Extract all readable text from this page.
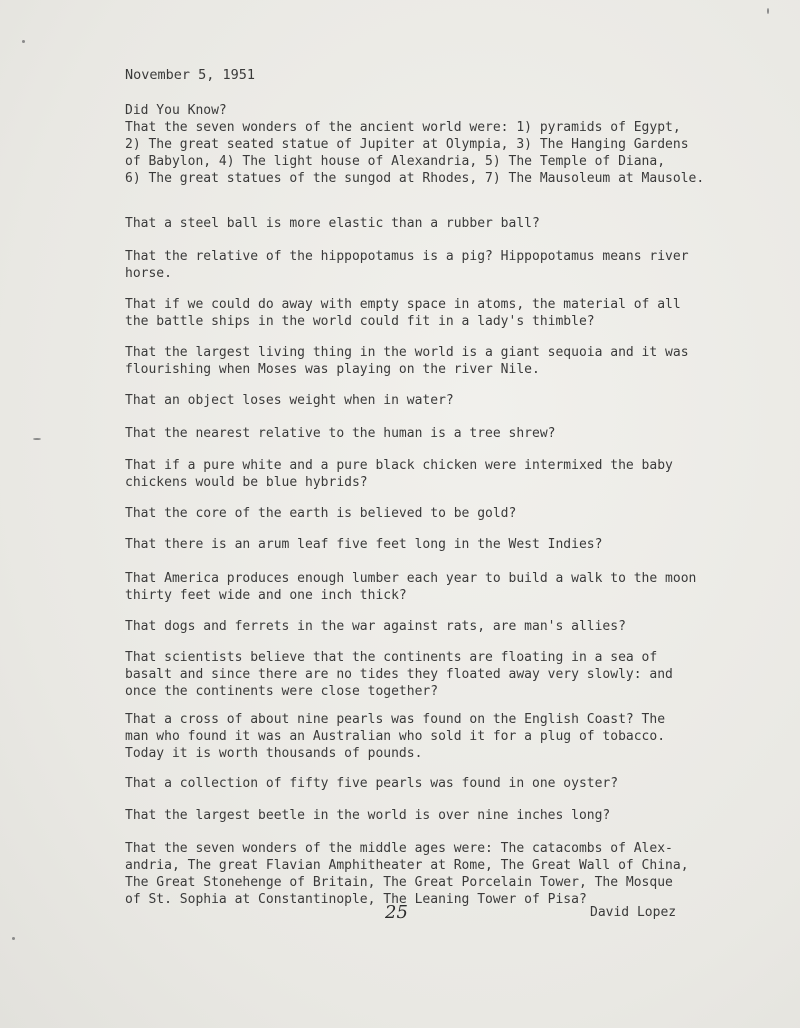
November 5, 1951
Did You Know?
That the seven wonders of the ancient world were: 1) pyramids of Egypt,
2) The great seated statue of Jupiter at Olympia, 3) The Hanging Gardens
of Babylon, 4) The light house of Alexandria, 5) The Temple of Diana,
6) The great statues of the sungod at Rhodes, 7) The Mausoleum at Mausole.
That a steel ball is more elastic than a rubber ball?
That the relative of the hippopotamus is a pig? Hippopotamus means river
horse.
That if we could do away with empty space in atoms, the material of all
the battle ships in the world could fit in a lady's thimble?
That the largest living thing in the world is a giant sequoia and it was
flourishing when Moses was playing on the river Nile.
That an object loses weight when in water?
That the nearest relative to the human is a tree shrew?
That if a pure white and a pure black chicken were intermixed the baby
chickens would be blue hybrids?
That the core of the earth is believed to be gold?
That there is an arum leaf five feet long in the West Indies?
That America produces enough lumber each year to build a walk to the moon
thirty feet wide and one inch thick?
That dogs and ferrets in the war against rats, are man's allies?
That scientists believe that the continents are floating in a sea of
basalt and since there are no tides they floated away very slowly: and
once the continents were close together?
That a cross of about nine pearls was found on the English Coast? The
man who found it was an Australian who sold it for a plug of tobacco.
Today it is worth thousands of pounds.
That a collection of fifty five pearls was found in one oyster?
That the largest beetle in the world is over nine inches long?
That the seven wonders of the middle ages were: The catacombs of Alex-
andria, The great Flavian Amphitheater at Rome, The Great Wall of China,
The Great Stonehenge of Britain, The Great Porcelain Tower, The Mosque
of St. Sophia at Constantinople, The Leaning Tower of Pisa?
25	David Lopez
